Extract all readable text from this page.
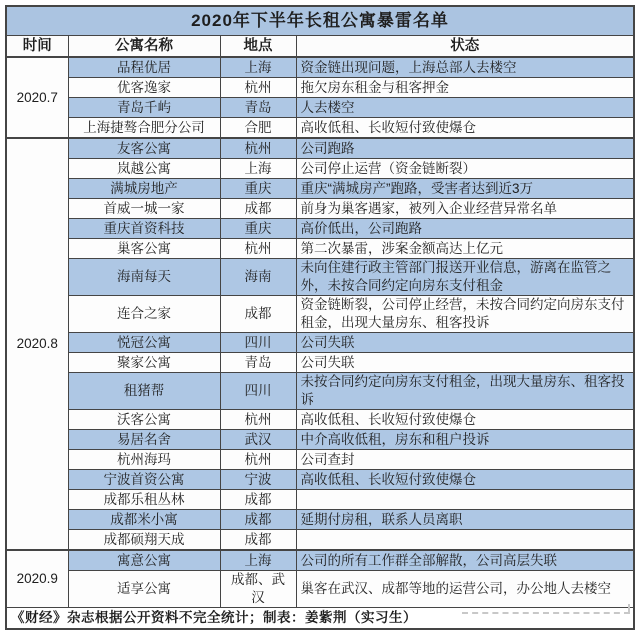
2020年下半年长租公寓暴雷名单			
时间	公寓名称	地点	状态
2020.7	品程优居	上海	资金链出现问题，上海总部人去楼空
	优客逸家	杭州	拖欠房东租金与租客押金
	青岛千屿	青岛	人去楼空
	上海捷骜合肥分公司	合肥	高收低租、长收短付致使爆仓
2020.8	友客公寓	杭州	公司跑路
	岚越公寓	上海	公司停止运营（资金链断裂）
	满城房地产	重庆	重庆“满城房产”跑路，受害者达到近3万
	首威一城一家	成都	前身为巢客遇家，被列入企业经营异常名单
	重庆首资科技	重庆	高价低出，公司跑路
	巢客公寓	杭州	第二次暴雷，涉案金额高达上亿元
	海南每天	海南	未向住建行政主管部门报送开业信息，游离在监管之外，未按合同约定向房东支付租金
	连合之家	成都	资金链断裂，公司停止经营，未按合同约定向房东支付租金，出现大量房东、租客投诉
	悦冠公寓	四川	公司失联
	聚家公寓	青岛	公司失联
	租猪帮	四川	未按合同约定向房东支付租金，出现大量房东、租客投诉
	沃客公寓	杭州	高收低租、长收短付致使爆仓
	易居名舍	武汉	中介高收低租，房东和租户投诉
	杭州海玛	杭州	公司查封
	宁波首资公寓	宁波	高收低租、长收短付致使爆仓
	成都乐租丛林	成都	
	成都米小寓	成都	延期付房租，联系人员离职
	成都硕翔天成	成都	
2020.9	寓意公寓	上海	公司的所有工作群全部解散，公司高层失联
	适享公寓	成都、武汉	巢客在武汉、成都等地的运营公司，办公地人去楼空
《财经》杂志根据公开资料不完全统计；制表：姜紫荆（实习生）			
